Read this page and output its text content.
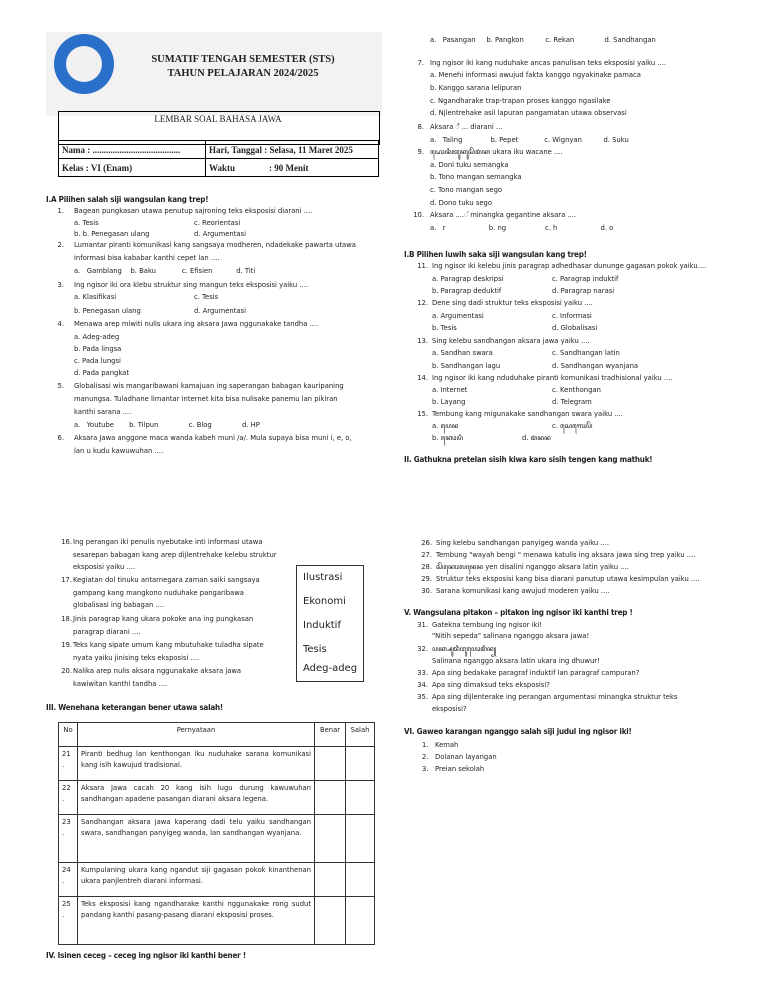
SUMATIF TENGAH SEMESTER (STS)
TAHUN PELAJARAN 2024/2025
LEMBAR SOAL BAHASA JAWA
Nama : .......................................	Hari, Tanggal : Selasa, 11 Maret 2025
Kelas : VI (Enam)	Waktu : 90 Menit
I.A Pilihen salah siji wangsulan kang trep!
1. Bagean pungkasan utawa penutup sajroning teks eksposisi diarani ....
a. Tesis	c. Reorientasi
b. b. Penegasan ulang	d. Argumentasi
2. Lumantar piranti komunikasi kang sangsaya modheren, ndadekake pawarta utawa
informasi bisa kababar kanthi cepet lan ....
a.   Gamblang    b. Baku            c. Efisien           d. Titi
3. Ing ngisor iki ora klebu struktur sing mangun teks eksposisi yaiku ....
a. Klasifikasi	c. Tesis
b. Penegasan ulang	d. Argumentasi
4. Menawa arep miwiti nulis ukara ing aksara Jawa nggunakake tandha ....
a. Adeg-adeg
b. Pada lingsa
c. Pada lungsi
d. Pada pangkat
5. Globalisasi wis mangaribawani kamajuan ing saperangan babagan kauripaning
manungsa. Tuladhane limantar internet kita bisa nulisake panemu lan pikiran
kanthi sarana ....
a.   Youtube       b. Tilpun              c. Blog              d. HP
6. Aksara Jawa anggone maca wanda kabeh muni /a/. Mula supaya bisa muni i, e, o,
lan u kudu kawuwuhan ....
a.   Pasangan     b. Pangkon          c. Rekan              d. Sandhangan
7. Ing ngisor iki kang nuduhake ancas panulisan teks eksposisi yaiku ....
a. Menehi informasi awujud fakta kanggo ngyakinake pamaca
b. Kanggo sarana lelipuran
c. Ngandharake trap-trapan proses kanggo ngasilake
d. Njlentrehake asil lapuran pangamatan utawa observasi
8. Aksara ꦶ ... diarani ...
a.   Taling             b. Pepet            c. Wignyan          d. Suku
9. ꦝꦺꦴꦤꦶꦠꦸꦏꦸꦱꦼꦩꦁꦏ ukara iku wacane ....
a. Doni tuku semangka
b. Tono mangan semangka
c. Tono mangan sego
d. Dono tuku sego
10. Aksara ....ꦂ minangka gegantine aksara ....
a.   r                    b. ng                  c. h                    d. o
I.B Pilihen luwih saka siji wangsulan kang trep!
11. Ing ngisor iki kelebu jinis paragrap adhedhasar dununge gagasan pokok yaiku....
a. Paragrap deskripsi	c. Paragrap induktif
b. Paragrap deduktif	d. Paragrap narasi
12. Dene sing dadi struktur teks eksposisi yaiku ....
a. Argumentasi	c. Informasi
b. Tesis	d. Globalisasi
13. Sing kelebu sandhangan aksara jawa yaiku ....
a. Sandhan swara	c. Sandhangan latin
b. Sandhangan lagu	d. Sandhangan wyanjana
14. Ing ngisor iki kang nduduhake piranti komunikasi tradhisional yaiku ....
a. Internet	c. Kenthongan
b. Layang	d. Telegram
15. Tembung kang migunakake sandhangan swara yaiku ....
a. ꦥꦺꦤ	c. ꦱꦺꦒꦺꦴꦥꦼ
b. ꦏꦺꦴꦥꦶ	d. ꦩꦁꦤꦤ
II. Gathukna pretelan sisih kiwa karo sisih tengen kang mathuk!
16. Ing perangan iki penulis nyebutake inti informasi utawa
sesarepan babagan kang arep dijlentrehake kelebu struktur
eksposisi yaiku ....
17. Kegiatan dol tinuku antarnegara zaman saiki sangsaya
gampang kang mangkono nuduhake pangaribawa
globalisasi ing babagan ....
18. Jinis paragrap kang ukara pokoke ana ing pungkasan
paragrap diarani ....
19. Teks kang sipate umum kang mbutuhake tuladha sipate
nyata yaiku jinising teks eksposisi ....
20. Nalika arep nulis aksara nggunakake aksara jawa
kawiwitan kanthi tandha ....
Ilustrasi
Ekonomi
Induktif
Tesis
Adeg-adeg
III. Wenehana keterangan bener utawa salah!
No	Pernyataan	Benar	Salah
21
.	Piranti bedhug lan kenthongan iku nuduhake sarana komunikasi kang isih kawujud tradisional.		
22
.	Aksara Jawa cacah 20 kang isih lugu durung kawuwuhan sandhangan apadene pasangan diarani aksara legena.		
23
.	Sandhangan aksara jawa kaperang dadi telu yaiku sandhangan swara, sandhangan panyigeg wanda, lan sandhangan wyanjana.		
24
.	Kumpulaning ukara kang ngandut siji gagasan pokok kinanthenan ukara panjlentreh diarani informasi.		
25
.	Teks eksposisi kang ngandharake kanthi nggunakake rong sudut pandang kanthi pasang-pasang diarani eksposisi proses.		
IV. Isinen ceceg – ceceg ing ngisor iki kanthi bener !
26. Sing kelebu sandhangan panyigeg wanda yaiku ....
27. Tembung "wayah bengi " menawa katulis ing aksara jawa sing trep yaiku ....
28. ꦱꦼꦏꦺꦴꦭꦃꦤꦤ yen disalini nganggo aksara latin yaiku ....
29. Struktur teks eksposisi kang bisa diarani panutup utawa kesimpulan yaiku ....
30. Sarana komunikasi kang awujud moderen yaiku ....
V. Wangsulana pitakon – pitakon ing ngisor iki kanthi trep !
31. Gatekna tembung ing ngisor iki!
"Nitih sepeda" salinana nganggo aksara jawa!
32. ꦥꦏ꧀ꦱꦸꦢꦶꦔꦸꦥꦺꦴꦩꦶꦤ꧀
Salinana nganggo aksara latin ukara ing dhuwur!
33. Apa sing bedakake paragraf induktif lan paragraf campuran?
34. Apa sing dimaksud teks eksposisi?
35. Apa sing dijlenterake ing perangan argumentasi minangka struktur teks
eksposisi?
VI. Gaweo karangan nganggo salah siji judul ing ngisor iki!
1.   Kemah
2.   Dolanan layangan
3.   Preian sekolah
